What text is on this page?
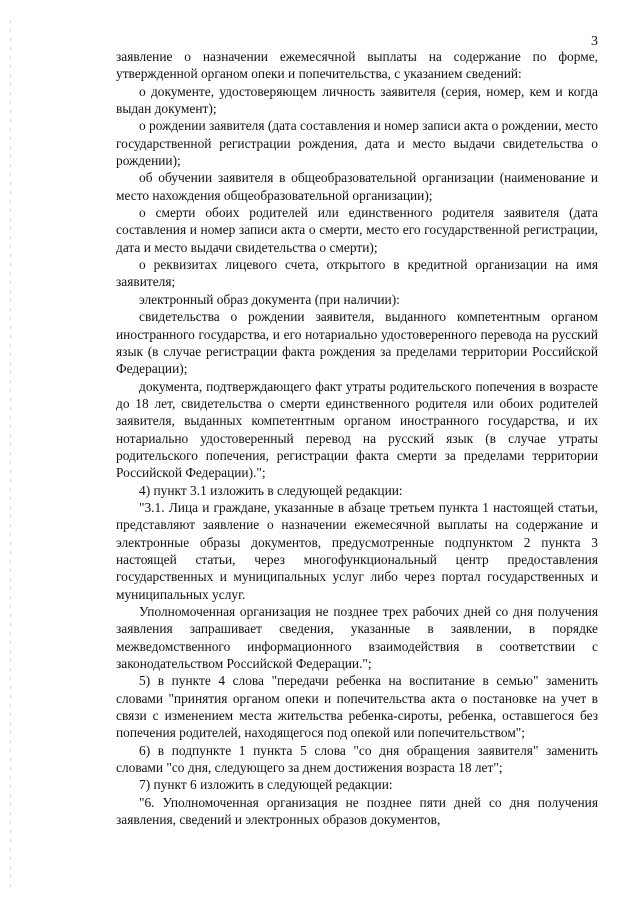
3

заявление о назначении ежемесячной выплаты на содержание по форме, утвержденной органом опеки и попечительства, с указанием сведений:

о документе, удостоверяющем личность заявителя (серия, номер, кем и когда выдан документ);

о рождении заявителя (дата составления и номер записи акта о рождении, место государственной регистрации рождения, дата и место выдачи свидетельства о рождении);

об обучении заявителя в общеобразовательной организации (наименование и место нахождения общеобразовательной организации);

о смерти обоих родителей или единственного родителя заявителя (дата составления и номер записи акта о смерти, место его государственной регистрации, дата и место выдачи свидетельства о смерти);

о реквизитах лицевого счета, открытого в кредитной организации на имя заявителя;

электронный образ документа (при наличии):

свидетельства о рождении заявителя, выданного компетентным органом иностранного государства, и его нотариально удостоверенного перевода на русский язык (в случае регистрации факта рождения за пределами территории Российской Федерации);

документа, подтверждающего факт утраты родительского попечения в возрасте до 18 лет, свидетельства о смерти единственного родителя или обоих родителей заявителя, выданных компетентным органом иностранного государства, и их нотариально удостоверенный перевод на русский язык (в случае утраты родительского попечения, регистрации факта смерти за пределами территории Российской Федерации).";

4) пункт 3.1 изложить в следующей редакции:

"3.1. Лица и граждане, указанные в абзаце третьем пункта 1 настоящей статьи, представляют заявление о назначении ежемесячной выплаты на содержание и электронные образы документов, предусмотренные подпунктом 2 пункта 3 настоящей статьи, через многофункциональный центр предоставления государственных и муниципальных услуг либо через портал государственных и муниципальных услуг.

Уполномоченная организация не позднее трех рабочих дней со дня получения заявления запрашивает сведения, указанные в заявлении, в порядке межведомственного информационного взаимодействия в соответствии с законодательством Российской Федерации.";

5) в пункте 4 слова "передачи ребенка на воспитание в семью" заменить словами "принятия органом опеки и попечительства акта о постановке на учет в связи с изменением места жительства ребенка-сироты, ребенка, оставшегося без попечения родителей, находящегося под опекой или попечительством";

6) в подпункте 1 пункта 5 слова "со дня обращения заявителя" заменить словами "со дня, следующего за днем достижения возраста 18 лет";

7) пункт 6 изложить в следующей редакции:

"6. Уполномоченная организация не позднее пяти дней со дня получения заявления, сведений и электронных образов документов,
